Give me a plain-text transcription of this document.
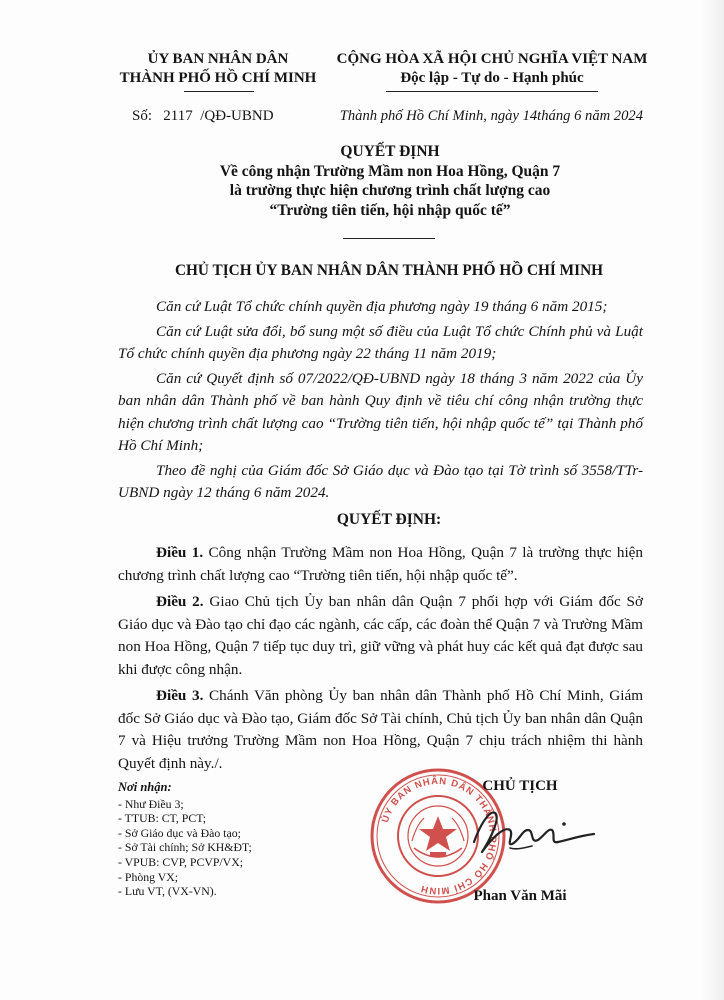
ỦY BAN NHÂN DÂN
THÀNH PHỐ HỒ CHÍ MINH
CỘNG HÒA XÃ HỘI CHỦ NGHĨA VIỆT NAM
Độc lập - Tự do - Hạnh phúc
Số:   2117  /QĐ-UBND	Thành phố Hồ Chí Minh, ngày 14tháng 6 năm 2024
QUYẾT ĐỊNH
Về công nhận Trường Mầm non Hoa Hồng, Quận 7
là trường thực hiện chương trình chất lượng cao
“Trường tiên tiến, hội nhập quốc tế”
CHỦ TỊCH ỦY BAN NHÂN DÂN THÀNH PHỐ HỒ CHÍ MINH
Căn cứ Luật Tổ chức chính quyền địa phương ngày 19 tháng 6 năm 2015;
Căn cứ Luật sửa đổi, bổ sung một số điều của Luật Tổ chức Chính phủ và Luật Tổ chức chính quyền địa phương ngày 22 tháng 11 năm 2019;
Căn cứ Quyết định số 07/2022/QĐ-UBND ngày 18 tháng 3 năm 2022 của Ủy ban nhân dân Thành phố về ban hành Quy định về tiêu chí công nhận trường thực hiện chương trình chất lượng cao “Trường tiên tiến, hội nhập quốc tế” tại Thành phố Hồ Chí Minh;
Theo đề nghị của Giám đốc Sở Giáo dục và Đào tạo tại Tờ trình số 3558/TTr-UBND ngày 12 tháng 6 năm 2024.
QUYẾT ĐỊNH:
Điều 1. Công nhận Trường Mầm non Hoa Hồng, Quận 7 là trường thực hiện chương trình chất lượng cao “Trường tiên tiến, hội nhập quốc tế”.
Điều 2. Giao Chủ tịch Ủy ban nhân dân Quận 7 phối hợp với Giám đốc Sở Giáo dục và Đào tạo chỉ đạo các ngành, các cấp, các đoàn thể Quận 7 và Trường Mầm non Hoa Hồng, Quận 7 tiếp tục duy trì, giữ vững và phát huy các kết quả đạt được sau khi được công nhận.
Điều 3. Chánh Văn phòng Ủy ban nhân dân Thành phố Hồ Chí Minh, Giám đốc Sở Giáo dục và Đào tạo, Giám đốc Sở Tài chính, Chủ tịch Ủy ban nhân dân Quận 7 và Hiệu trưởng Trường Mầm non Hoa Hồng, Quận 7 chịu trách nhiệm thi hành Quyết định này./.
Nơi nhận:
- Như Điều 3;
- TTUB: CT, PCT;
- Sở Giáo dục và Đào tạo;
- Sở Tài chính; Sở KH&ĐT;
- VPUB: CVP, PCVP/VX;
- Phòng VX;
- Lưu VT, (VX-VN).
ỦY BAN NHÂN DÂN THÀNH PHỐ HỒ CHÍ MINH
CHỦ TỊCH
Phan Văn Mãi
